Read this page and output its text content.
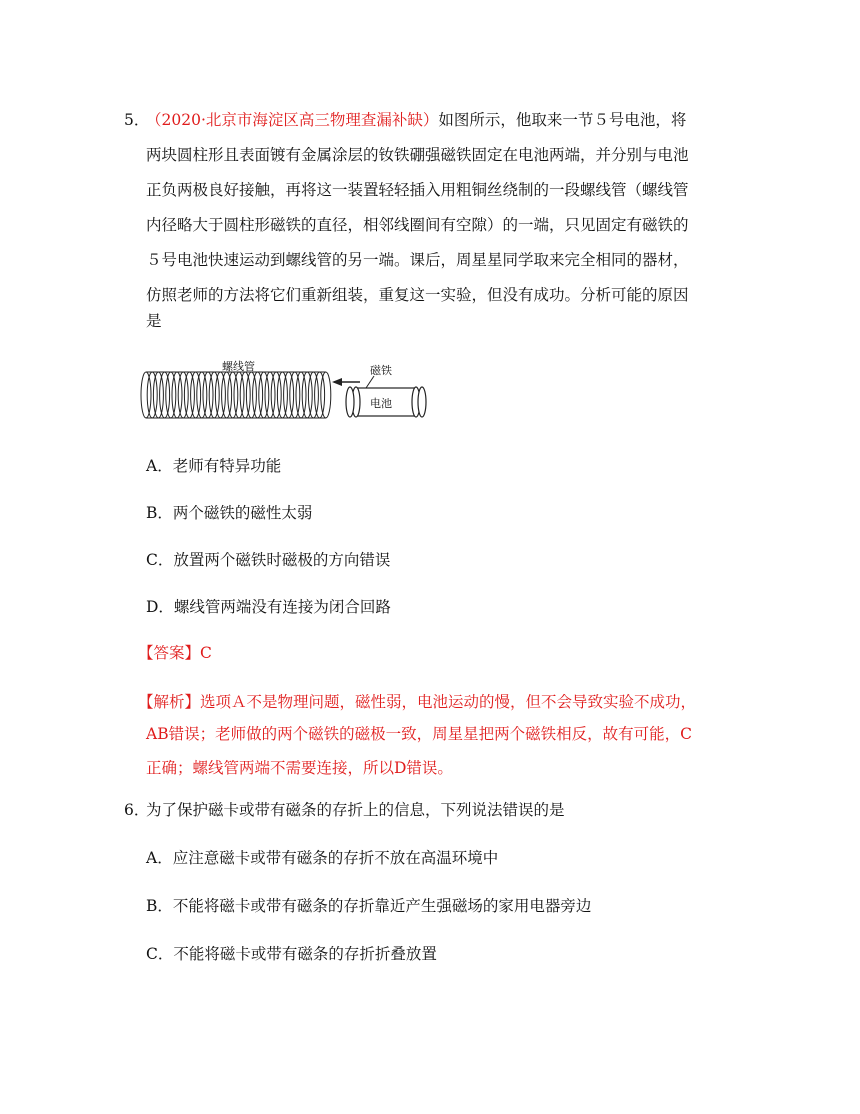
5．
（2020·北京市海淀区高三物理查漏补缺）如图所示，他取来一节５号电池，将
两块圆柱形且表面镀有金属涂层的钕铁硼强磁铁固定在电池两端，并分别与电池
正负两极良好接触，再将这一装置轻轻插入用粗铜丝绕制的一段螺线管（螺线管
内径略大于圆柱形磁铁的直径，相邻线圈间有空隙）的一端，只见固定有磁铁的
５号电池快速运动到螺线管的另一端。课后，周星星同学取来完全相同的器材，
仿照老师的方法将它们重新组装，重复这一实验，但没有成功。分析可能的原因
是
螺线管	磁铁
电池
A．老师有特异功能
B．两个磁铁的磁性太弱
C．放置两个磁铁时磁极的方向错误
D．螺线管两端没有连接为闭合回路
【答案】C
【解析】选项Ａ不是物理问题，磁性弱，电池运动的慢，但不会导致实验不成功，
AB错误；老师做的两个磁铁的磁极一致，周星星把两个磁铁相反，故有可能，C
正确；螺线管两端不需要连接，所以D错误。
6．
为了保护磁卡或带有磁条的存折上的信息，下列说法错误的是
A．应注意磁卡或带有磁条的存折不放在高温环境中
B．不能将磁卡或带有磁条的存折靠近产生强磁场的家用电器旁边
C．不能将磁卡或带有磁条的存折折叠放置
